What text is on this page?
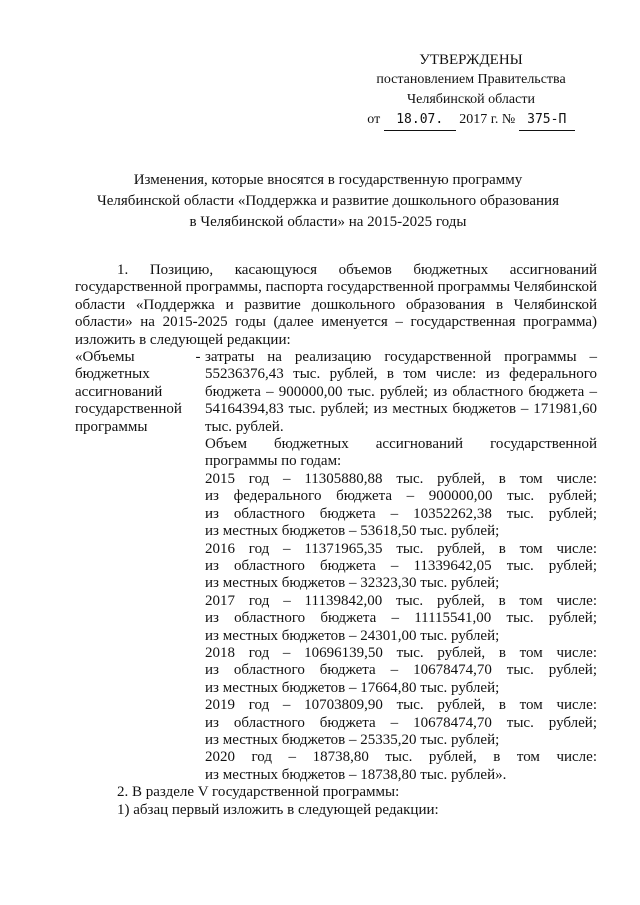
УТВЕРЖДЕНЫ
постановлением Правительства
Челябинской области
от 18.07. 2017 г. № 375-П
Изменения, которые вносятся в государственную программу
Челябинской области «Поддержка и развитие дошкольного образования
в Челябинской области» на 2015-2025 годы

1. Позицию, касающуюся объемов бюджетных ассигнований государственной программы, паспорта государственной программы Челябинской области «Поддержка и развитие дошкольного образования в Челябинской области» на 2015-2025 годы (далее именуется – государственная программа) изложить в следующей редакции:

«Объемы бюджетных ассигнований государственной программы
- затраты на реализацию государственной программы – 55236376,43 тыс. рублей, в том числе: из федерального бюджета – 900000,00 тыс. рублей; из областного бюджета – 54164394,83 тыс. рублей; из местных бюджетов – 171981,60 тыс. рублей.

Объем бюджетных ассигнований государственной программы по годам:

2015 год – 11305880,88 тыс. рублей, в том числе:

из федерального бюджета – 900000,00 тыс. рублей;

из областного бюджета – 10352262,38 тыс. рублей;

из местных бюджетов – 53618,50 тыс. рублей;

2016 год – 11371965,35 тыс. рублей, в том числе:

из областного бюджета – 11339642,05 тыс. рублей;

из местных бюджетов – 32323,30 тыс. рублей;

2017 год – 11139842,00 тыс. рублей, в том числе:

из областного бюджета – 11115541,00 тыс. рублей;

из местных бюджетов – 24301,00 тыс. рублей;

2018 год – 10696139,50 тыс. рублей, в том числе:

из областного бюджета – 10678474,70 тыс. рублей;

из местных бюджетов – 17664,80 тыс. рублей;

2019 год – 10703809,90 тыс. рублей, в том числе:

из областного бюджета – 10678474,70 тыс. рублей;

из местных бюджетов – 25335,20 тыс. рублей;

2020 год – 18738,80 тыс. рублей, в том числе:

из местных бюджетов – 18738,80 тыс. рублей».

2. В разделе V государственной программы:

1) абзац первый изложить в следующей редакции:
